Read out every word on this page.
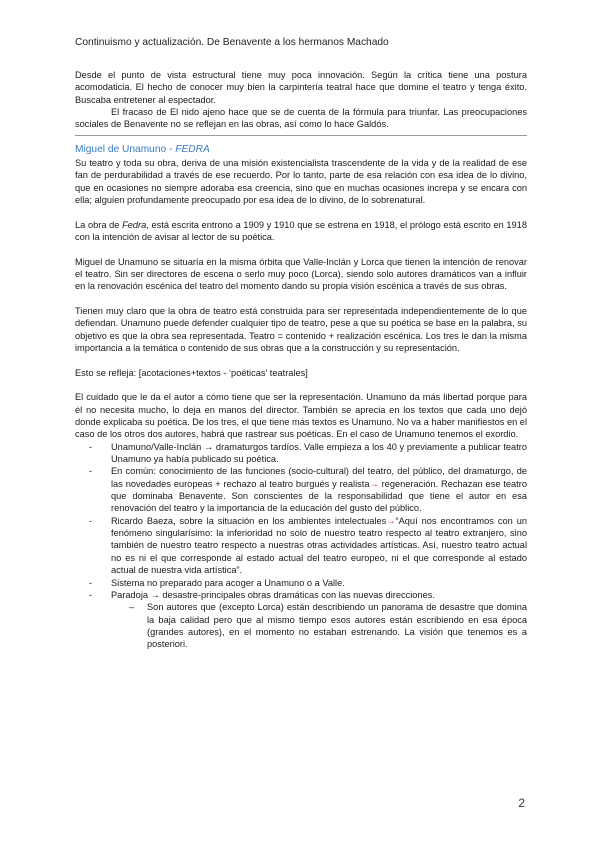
Continuismo y actualización. De Benavente a los hermanos Machado

Desde el punto de vista estructural tiene muy poca innovación. Según la crítica tiene una postura acomodaticia. El hecho de conocer muy bien la carpintería teatral hace que domine el teatro y tenga éxito. Buscaba entretener al espectador.

El fracaso de El nido ajeno hace que se de cuenta de la fórmula para triunfar. Las preocupaciones sociales de Benavente no se reflejan en las obras, así como lo hace Galdós.

Miguel de Unamuno - FEDRA

Su teatro y toda su obra, deriva de una misión existencialista trascendente de la vida y de la realidad de ese fan de perdurabilidad a través de ese recuerdo. Por lo tanto, parte de esa relación con esa idea de lo divino, que en ocasiones no siempre adoraba esa creencia, sino que en muchas ocasiones increpa y se encara con ella; alguien profundamente preocupado por esa idea de lo divino, de lo sobrenatural.

La obra de Fedra, está escrita entrono a 1909 y 1910 que se estrena en 1918, el prólogo está escrito en 1918 con la intención de avisar al lector de su poética.

Miguel de Unamuno se situaría en la misma órbita que Valle-Inclán y Lorca que tienen la intención de renovar el teatro. Sin ser directores de escena o serlo muy poco (Lorca), siendo solo autores dramáticos van a influir en la renovación escénica del teatro del momento dando su propia visión escénica a través de sus obras.

Tienen muy claro que la obra de teatro está construida para ser representada independientemente de lo que defiendan. Unamuno puede defender cualquier tipo de teatro, pese a que su poética se base en la palabra, su objetivo es que la obra sea representada. Teatro = contenido + realización escénica. Los tres le dan la misma importancia a la temática o contenido de sus obras que a la construcción y su representación.

Esto se refleja: [acotaciones+textos - ‘poéticas’ teatrales]

El cuidado que le da el autor a cómo tiene que ser la representación. Unamuno da más libertad porque para él no necesita mucho, lo deja en manos del director. También se aprecia en los textos que cada uno dejó donde explicaba su poética. De los tres, el que tiene más textos es Unamuno. No va a haber manifiestos en el caso de los otros dos autores, habrá que rastrear sus poéticas. En el caso de Unamuno tenemos el exordio.

- Unamuno/Valle-Inclán → dramaturgos tardíos. Valle empieza a los 40 y previamente a publicar teatro Unamuno ya había publicado su poética.
- En común: conocimiento de las funciones (socio-cultural) del teatro, del público, del dramaturgo, de las novedades europeas + rechazo al teatro burgués y realista→ regeneración. Rechazan ese teatro que dominaba Benavente. Son conscientes de la responsabilidad que tiene el autor en esa renovación del teatro y la importancia de la educación del gusto del público.
- Ricardo Baeza, sobre la situación en los ambientes intelectuales→“Aquí nos encontramos con un fenómeno singularísimo: la inferioridad no solo de nuestro teatro respecto al teatro extranjero, sino también de nuestro teatro respecto a nuestras otras actividades artísticas. Así, nuestro teatro actual no es ni el que corresponde al estado actual del teatro europeo, ni el que corresponde al estado actual de nuestra vida artística”.
- Sistema no preparado para acoger a Unamuno o a Valle.
- Paradoja → desastre-principales obras dramáticas con las nuevas direcciones.
– Son autores que (excepto Lorca) están describiendo un panorama de desastre que domina la baja calidad pero que al mismo tiempo esos autores están escribiendo en esa época (grandes autores), en el momento no estaban estrenando. La visión que tenemos es a posteriori.
2
